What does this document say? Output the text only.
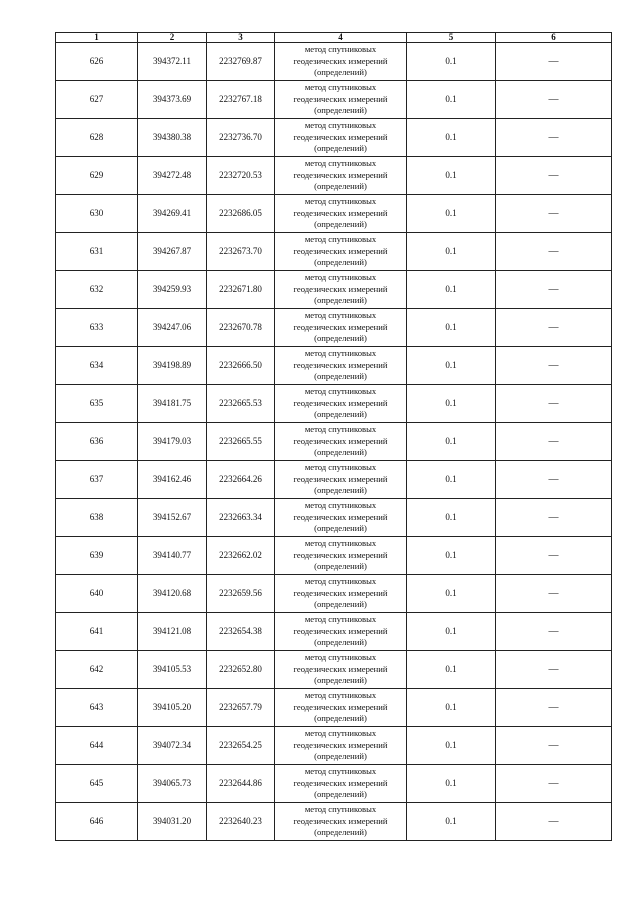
1	2	3	4	5	6
626	394372.11	2232769.87	метод спутниковых
геодезических измерений
(определений)	0.1	—
627	394373.69	2232767.18	метод спутниковых
геодезических измерений
(определений)	0.1	—
628	394380.38	2232736.70	метод спутниковых
геодезических измерений
(определений)	0.1	—
629	394272.48	2232720.53	метод спутниковых
геодезических измерений
(определений)	0.1	—
630	394269.41	2232686.05	метод спутниковых
геодезических измерений
(определений)	0.1	—
631	394267.87	2232673.70	метод спутниковых
геодезических измерений
(определений)	0.1	—
632	394259.93	2232671.80	метод спутниковых
геодезических измерений
(определений)	0.1	—
633	394247.06	2232670.78	метод спутниковых
геодезических измерений
(определений)	0.1	—
634	394198.89	2232666.50	метод спутниковых
геодезических измерений
(определений)	0.1	—
635	394181.75	2232665.53	метод спутниковых
геодезических измерений
(определений)	0.1	—
636	394179.03	2232665.55	метод спутниковых
геодезических измерений
(определений)	0.1	—
637	394162.46	2232664.26	метод спутниковых
геодезических измерений
(определений)	0.1	—
638	394152.67	2232663.34	метод спутниковых
геодезических измерений
(определений)	0.1	—
639	394140.77	2232662.02	метод спутниковых
геодезических измерений
(определений)	0.1	—
640	394120.68	2232659.56	метод спутниковых
геодезических измерений
(определений)	0.1	—
641	394121.08	2232654.38	метод спутниковых
геодезических измерений
(определений)	0.1	—
642	394105.53	2232652.80	метод спутниковых
геодезических измерений
(определений)	0.1	—
643	394105.20	2232657.79	метод спутниковых
геодезических измерений
(определений)	0.1	—
644	394072.34	2232654.25	метод спутниковых
геодезических измерений
(определений)	0.1	—
645	394065.73	2232644.86	метод спутниковых
геодезических измерений
(определений)	0.1	—
646	394031.20	2232640.23	метод спутниковых
геодезических измерений
(определений)	0.1	—
